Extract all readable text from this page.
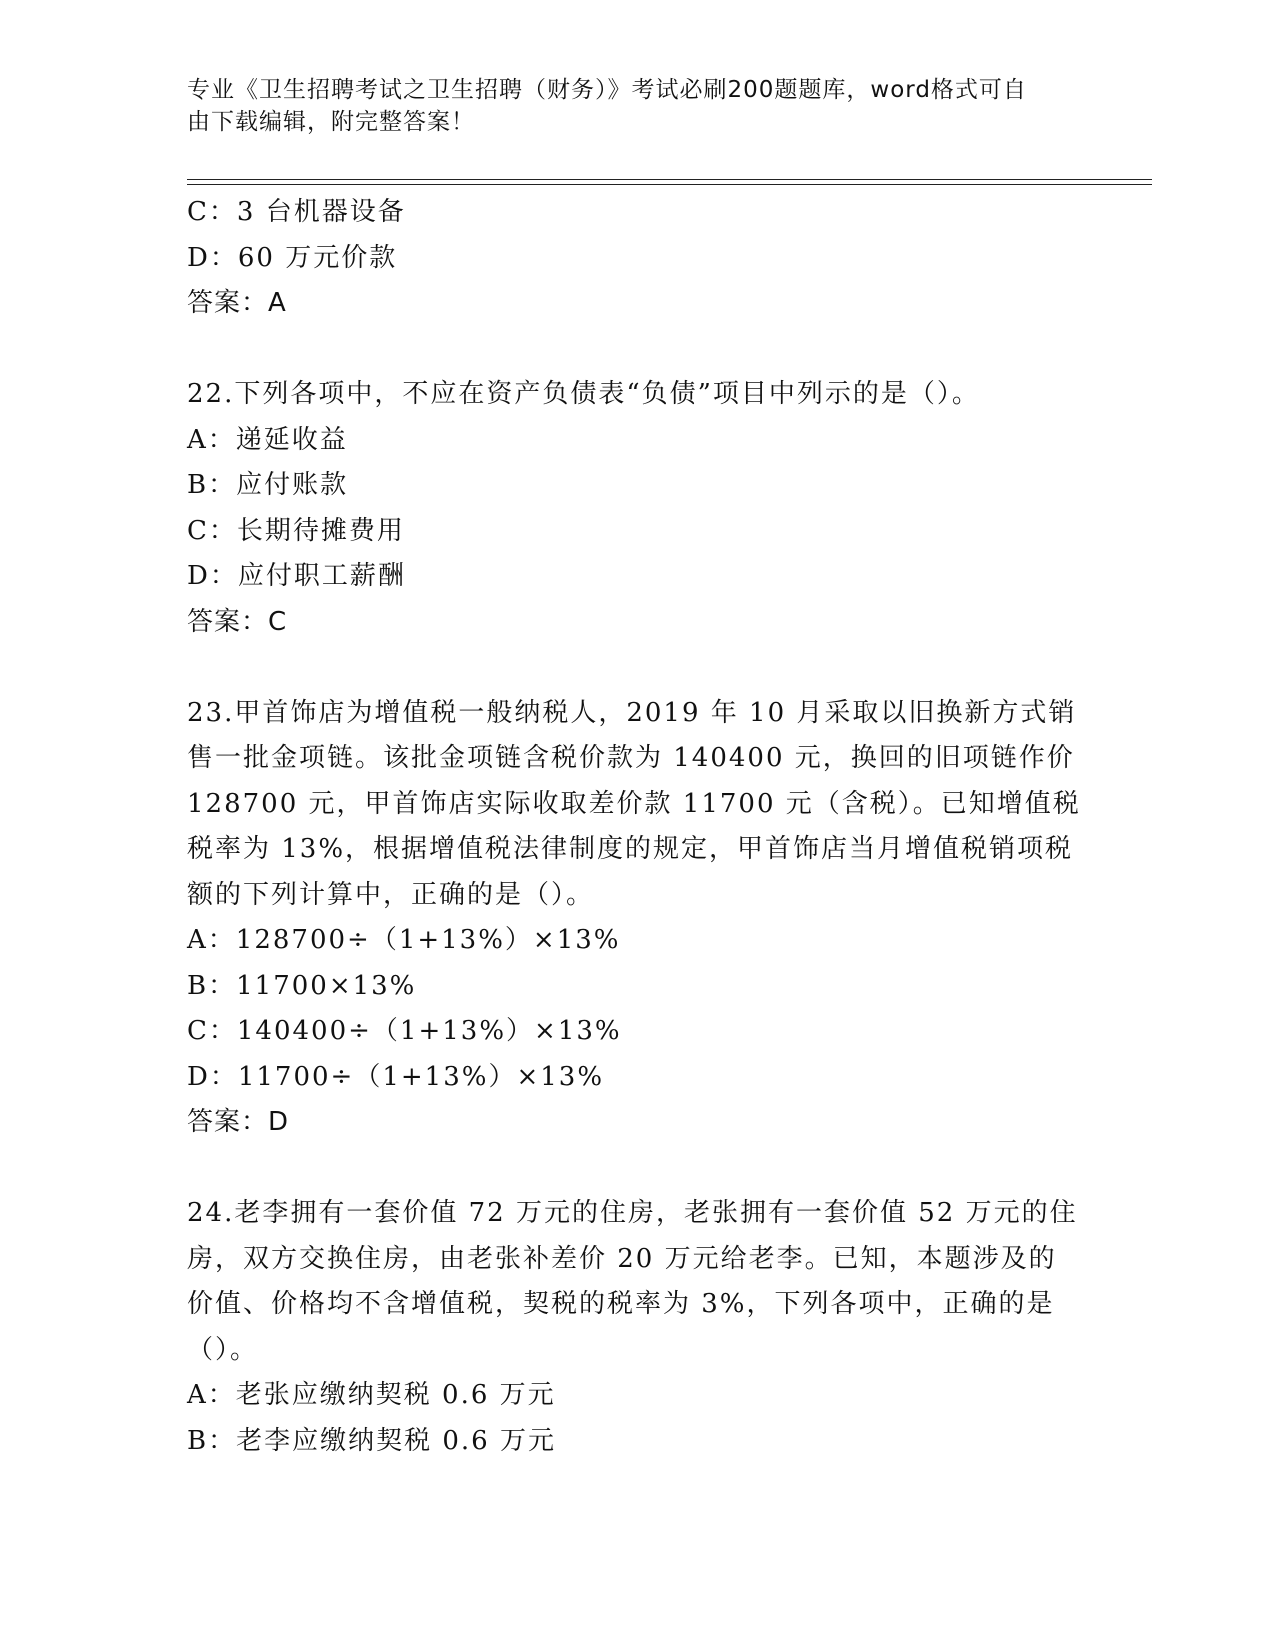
专业《卫生招聘考试之卫生招聘（财务）》考试必刷200题题库，word格式可自
由下载编辑，附完整答案！
C：3 台机器设备
D：60 万元价款
答案：A
22.下列各项中，不应在资产负债表“负债”项目中列示的是（）。
A：递延收益
B：应付账款
C：长期待摊费用
D：应付职工薪酬
答案：C
23.甲首饰店为增值税一般纳税人，2019 年 10 月采取以旧换新方式销
售一批金项链。该批金项链含税价款为 140400 元，换回的旧项链作价
128700 元，甲首饰店实际收取差价款 11700 元（含税）。已知增值税
税率为 13%，根据增值税法律制度的规定，甲首饰店当月增值税销项税
额的下列计算中，正确的是（）。
A：128700÷（1+13%）×13%
B：11700×13%
C：140400÷（1+13%）×13%
D：11700÷（1+13%）×13%
答案：D
24.老李拥有一套价值 72 万元的住房，老张拥有一套价值 52 万元的住
房，双方交换住房，由老张补差价 20 万元给老李。已知，本题涉及的
价值、价格均不含增值税，契税的税率为 3%，下列各项中，正确的是
（）。
A：老张应缴纳契税 0.6 万元
B：老李应缴纳契税 0.6 万元
